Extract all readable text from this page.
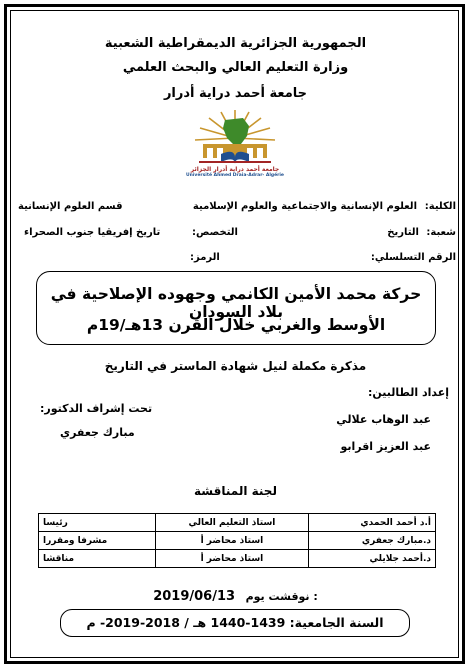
الجمهورية الجزائرية الديمقراطية الشعبية
وزارة التعليم العالي والبحث العلمي
جامعة أحمد دراية أدرار
جامعة أحمد دراية أدرار الجزائر
Université Ahmed Draia-Adrar- Algérie
الكلية:
العلوم الإنسانية والاجتماعية والعلوم الإسلامية
قسم العلوم الإنسانية
شعبة:
التاريخ
تاريخ إفريقيا جنوب الصحراء	التخصص:
الرقم التسلسلي:
الرمز:
حركة محمد الأمين الكانمي وجهوده الإصلاحية في بلاد السودان
الأوسط والغربي خلال القرن 13هـ/19م
مذكرة مكملة لنيل شهادة الماستر في التاريخ
إعداد الطالبين:
عبد الوهاب علالي
عبد العزيز اقرابو
تحت إشراف الدكتور:
مبارك جعفري
لجنة المناقشة
أ.د أحمد الحمدي	استاذ التعليم العالي	رئيسا
د.مبارك جعفري	استاذ محاضر أ	مشرفا ومقررا
د.أحمد جلايلي	استاذ محاضر أ	مناقشا
2019/06/13 نوقشت يوم :
السنة الجامعية: 1439-1440 هـ / 2018-2019- م
